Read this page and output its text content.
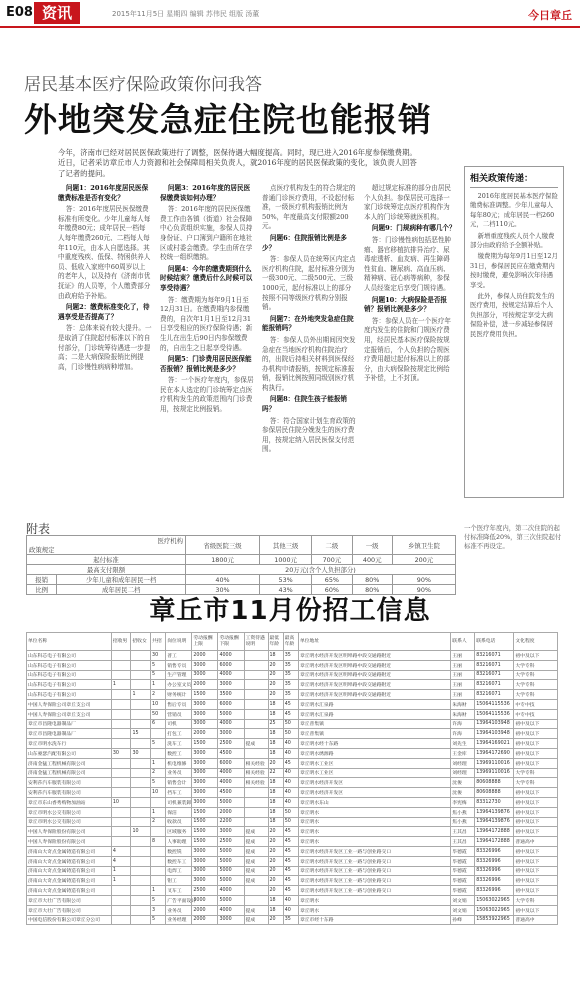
E08 资讯	2015年11月5日 星期四 编辑 苏伟民 组版 汤董	今日章丘
居民基本医疗保险政策你问我答
外地突发急症住院也能报销
今年，济南市已经对居民医保政策进行了调整，医保待遇大幅度提高。同时，现已进入2016年度参保缴费期。近日，记者采访章丘市人力资源和社会保障局相关负责人，就2016年度的居民医保政策的变化，该负责人回答了记者的提问。

问题1：2016年度居民医保缴费标准是否有变化？

答：2016年度居民医保缴费标准有所变化。少年儿童每人每年缴费80元；成年居民一档每人每年缴费260元、二档每人每年110元，由本人自愿选择。其中重度残疾、低保、特困供养人员、低收入家庭中60周岁以上的老年人，以及持有《济南市优抚证》的人员等，个人缴费部分由政府给予补贴。

问题2：缴费标准变化了，待遇享受是否提高了？

答：总体来说有较大提升。一是取消了住院起付标准以下的自付部分，门诊统筹待遇进一步提高；二是大病保险报销比例提高，门诊慢性病病种增加。

问题3：2016年度的居民医保缴费该如何办理？

答：2016年度的居民医保缴费工作由各镇（街道）社会保障中心负责组织实施，参保人员持身份证、户口簿到户籍所在地社区或村委会缴费。学生由所在学校统一组织缴纳。

问题4：今年的缴费期到什么时候结束？缴费后什么时候可以享受待遇？

答：缴费期为每年9月1日至12月31日。在缴费期内参保缴费的，自次年1月1日至12月31日享受相应的医疗保险待遇；新生儿在出生后90日内参保缴费的，自出生之日起享受待遇。

问题5：门诊费用居民医保能否报销？报销比例是多少？

答：一个医疗年度内，参保居民在本人选定的门诊统筹定点医疗机构发生的政策范围内门诊费用，按规定比例报销。

点医疗机构发生的符合规定的普通门诊医疗费用，不设起付标准，一级医疗机构报销比例为50%，年度最高支付限额200元。

问题6：住院报销比例是多少？

答：参保人员在统筹区内定点医疗机构住院，起付标准分别为一级300元、二级500元、三级1000元，起付标准以上的部分按照不同等级医疗机构分别报销。

问题7：在外地突发急症住院能报销吗？

答：参保人员外出期间因突发急症在当地医疗机构住院治疗的，出院后持相关材料到医保经办机构申请报销，按规定标准报销，报销比例按照同级别医疗机构执行。

问题8：住院生孩子能报销吗？

答：符合国家计划生育政策的参保居民住院分娩发生的医疗费用，按规定纳入居民医保支付范围。

超过规定标准的部分由居民个人负担。参保居民可选择一家门诊统筹定点医疗机构作为本人的门诊统筹就医机构。

问题9：门规病种有哪几个？

答：门诊慢性病包括恶性肿瘤、器官移植抗排异治疗、尿毒症透析、血友病、再生障碍性贫血、糖尿病、高血压病、精神病、冠心病等病种，参保人员经鉴定后享受门规待遇。

问题10：大病保险是否报销？报销比例是多少？

答：参保人员在一个医疗年度内发生的住院和门规医疗费用，经居民基本医疗保险按规定报销后，个人负担的合规医疗费用超过起付标准以上的部分，由大病保险按规定比例给予补偿，上不封顶。

相关政策传递：

2016年度居民基本医疗保险缴费标准调整。少年儿童每人每年80元；成年居民一档260元，二档110元。

新增重度残疾人员个人缴费部分由政府给予全额补贴。

缴费期为每年9月1日至12月31日，参保居民应在缴费期内按时缴费，避免影响次年待遇享受。

此外，参保人员住院发生的医疗费用，按规定结算后个人负担部分，可按规定享受大病保险补偿，进一步减轻参保居民医疗费用负担。

附表
医疗机构
政策规定		省级医院三级	其他三级	二级	一级	乡镇卫生院
起付标准		1800元	1000元	700元	400元	200元
最高支付限额		20万元(含个人负担部分)				
报销	少年儿童和成年居民一档	40%	53%	65%	80%	90%
比例	成年居民二档	30%	43%	60%	80%	90%
一个医疗年度内，第二次住院的起付标准降低20%，第三次住院起付标准不再设定。
章丘市11月份招工信息
单位名称	招收男	招收女	共招	岗位说明	劳动报酬上限	劳动报酬下限	工资待遇说明	最低年龄	最高年龄	单位地址	联系人	联系电话	文化程度
山东科芯电子有限公司			30	普工	2000	4000		18	35	章丘明水经济开发区明埠路中段交通路附近	王丽	83216071	初中及以下
山东科芯电子有限公司			5	销售专员	3000	6000		20	35	章丘明水经济开发区明埠路中段交通路附近	王丽	83216071	大学专科
山东科芯电子有限公司			5	生产管理	3000	4000		20	35	章丘明水经济开发区明埠路中段交通路附近	王丽	83216071	大学专科
山东科芯电子有限公司	1		1	办公室文员	2000	3000		20	35	章丘明水经济开发区明埠路中段交通路附近	王丽	83216071	大学专科
山东科芯电子有限公司		1	2	财务统计	1500	3500		20	35	章丘明水经济开发区明埠路中段交通路附近	王丽	83216071	大学专科
中国人寿保险公司章丘支公司			10	售后专员	3000	6000		18	45	章丘明水汇泉路	朱海财	15064115536	中专中技
中国人寿保险公司章丘支公司			50	营销员	3000	5000		18	45	章丘明水汇泉路	朱海财	15064115536	中专中技
章丘市昌隆电器制品厂			6	司机	3000	4000		25	50	章丘普集镇	许海	13964103948	初中及以下
章丘市昌隆电器制品厂		15		打包工	2000	3000		18	50	章丘普集镇	许海	13964103948	初中及以下
章丘市明水洗车行			5	洗车工	1500	2500	提成	18	40	章丘明水经十东路	刘先生	13964169021	初中及以下
山东豪瑟汽配有限公司	30	30		数控工	3000	4500		18	40	章丘明水绣源路	王金库	13964172690	初中及以下
济南金猛工程机械有限公司			1	机电维修	3000	6000	相关经验	20	45	章丘明水工业区	刘经理	13969110016	初中及以下
济南金猛工程机械有限公司			2	业务员	3000	4000	相关经验	22	40	章丘明水工业区	刘经理	13969110016	大学专科
安利莎汽车服装有限公司			5	销售会计	3000	4000	相关经验	18	40	章丘明水经济开发区	沈俊	80608888	大学专科
安利莎汽车服装有限公司			10	挡车工	3000	4500		18	40	章丘明水经济开发区	沈俊	80608888	初中及以下
章丘市东山香秀购物加油站	10			司机兼装卸	3000	5000		18	40	章丘明水东山	李宪梅	83312730	初中及以下
章丘市明水公交有限公司			1	保洁	1500	2000		18	50	章丘明水	焦小燕	13964139876	初中及以下
章丘市明水公交有限公司			2	收款员	1500	2200		18	50	章丘明水	焦小燕	13964139876	初中及以下
中国人寿保险股份有限公司		10		区域服务	1500	3000	提成	20	45	章丘明水	王其昌	13964172888	初中及以下
中国人寿保险股份有限公司			8	人事助理	1500	2500	提成	20	45	章丘明水	王其昌	13964172888	普通高中
济南山大奇点金属铸造有限公司	4			数控铣	3000	5000	提成	20	45	章丘明水经济开发区工业一路与创业路交口	毕德霞	83326996	初中及以下
济南山大奇点金属铸造有限公司	4			数控车工	3000	5000	提成	20	45	章丘明水经济开发区工业一路与创业路交口	毕德霞	83326996	初中及以下
济南山大奇点金属铸造有限公司	1			电焊工	3000	5000	提成	20	45	章丘明水经济开发区工业一路与创业路交口	毕德霞	83326996	初中及以下
济南山大奇点金属铸造有限公司	1			钳工	3000	5000	提成	20	45	章丘明水经济开发区工业一路与创业路交口	毕德霞	83326996	初中及以下
济南山大奇点金属铸造有限公司			1	叉车工	2500	4000		20	45	章丘明水经济开发区工业一路与创业路交口	毕德霞	83326996	初中及以下
章丘市大壮广告有限公司			5	广告平面设计	3000	5000		18	40	章丘明水	刘文娟	15063022965	大学专科
章丘市大壮广告有限公司			3	业务员	2000	4000	提成	18	40	章丘明水	刘文娟	15063022965	初中及以下
中国电信股份有限公司章丘分公司			5	业务经理	2000	3000	提成	20	35	章丘市经十东路	孙峰	15853922965	普通高中
